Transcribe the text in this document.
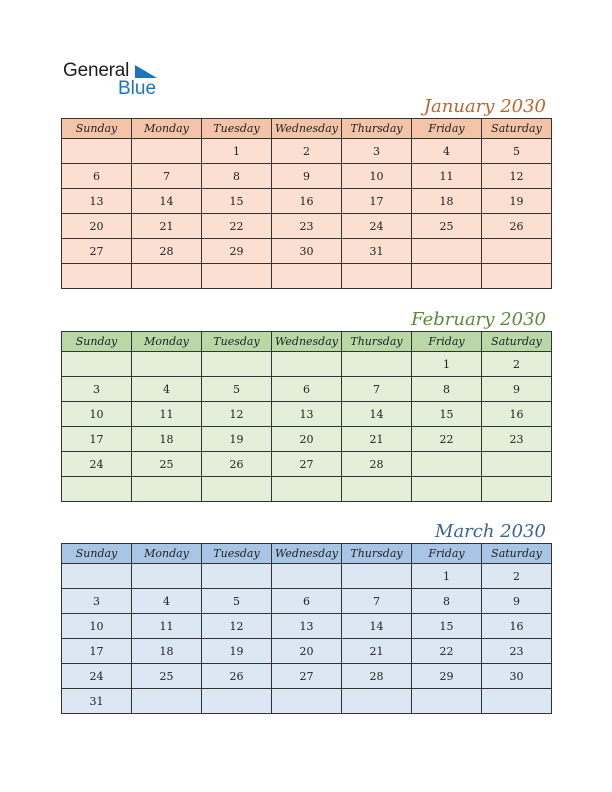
General
Blue
January 2030
Sunday	Monday	Tuesday	Wednesday	Thursday	Friday	Saturday
		1	2	3	4	5
6	7	8	9	10	11	12
13	14	15	16	17	18	19
20	21	22	23	24	25	26
27	28	29	30	31		

February 2030
Sunday	Monday	Tuesday	Wednesday	Thursday	Friday	Saturday
					1	2
3	4	5	6	7	8	9
10	11	12	13	14	15	16
17	18	19	20	21	22	23
24	25	26	27	28		

March 2030
Sunday	Monday	Tuesday	Wednesday	Thursday	Friday	Saturday
					1	2
3	4	5	6	7	8	9
10	11	12	13	14	15	16
17	18	19	20	21	22	23
24	25	26	27	28	29	30
31						
